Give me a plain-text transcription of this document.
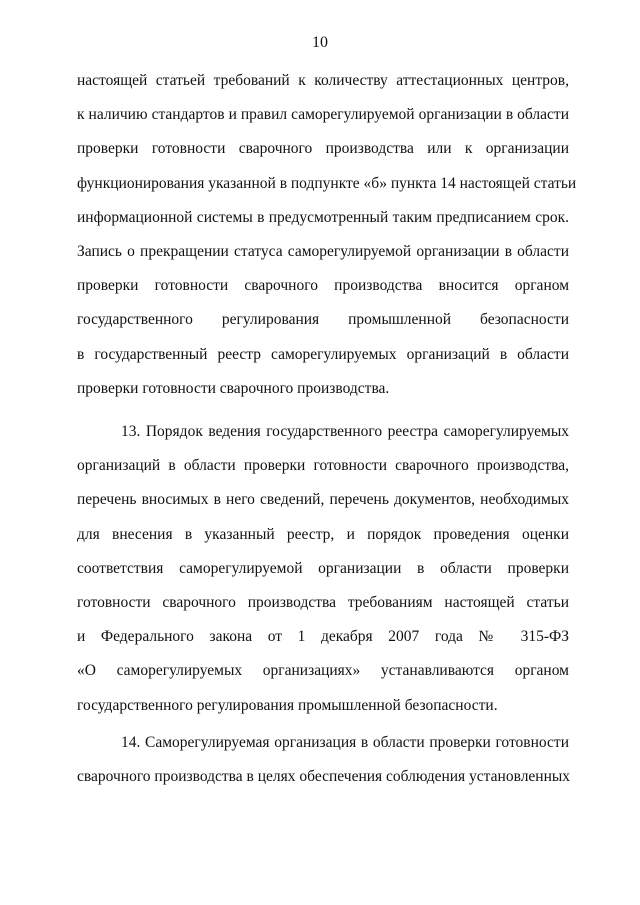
10
настоящей статьей требований к количеству аттестационных центров,
к наличию стандартов и правил саморегулируемой организации в области
проверки готовности сварочного производства или к организации
функционирования указанной в подпункте «б» пункта 14 настоящей статьи
информационной системы в предусмотренный таким предписанием срок.
Запись о прекращении статуса саморегулируемой организации в области
проверки готовности сварочного производства вносится органом
государственного регулирования промышленной безопасности
в государственный реестр саморегулируемых организаций в области
проверки готовности сварочного производства.
13. Порядок ведения государственного реестра саморегулируемых
организаций в области проверки готовности сварочного производства,
перечень вносимых в него сведений, перечень документов, необходимых
для внесения в указанный реестр, и порядок проведения оценки
соответствия саморегулируемой организации в области проверки
готовности сварочного производства требованиям настоящей статьи
и Федерального закона от 1 декабря 2007 года № 315-ФЗ
«О саморегулируемых организациях» устанавливаются органом
государственного регулирования промышленной безопасности.
14. Саморегулируемая организация в области проверки готовности
сварочного производства в целях обеспечения соблюдения установленных
